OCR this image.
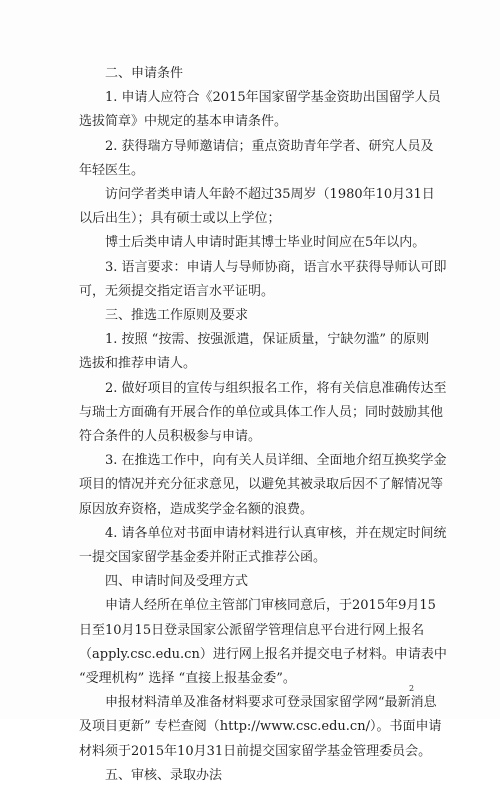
二、申请条件
1. 申请人应符合《2015年国家留学基金资助出国留学人员
选拔简章》中规定的基本申请条件。
2. 获得瑞方导师邀请信；重点资助青年学者、研究人员及
年轻医生。
访问学者类申请人年龄不超过35周岁（1980年10月31日
以后出生）；具有硕士或以上学位；
博士后类申请人申请时距其博士毕业时间应在5年以内。
3. 语言要求：申请人与导师协商，语言水平获得导师认可即
可，无须提交指定语言水平证明。
三、推选工作原则及要求
1. 按照 “按需、按强派遣，保证质量，宁缺勿滥” 的原则
选拔和推荐申请人。
2. 做好项目的宣传与组织报名工作，将有关信息准确传达至
与瑞士方面确有开展合作的单位或具体工作人员；同时鼓励其他
符合条件的人员积极参与申请。
3. 在推选工作中，向有关人员详细、全面地介绍互换奖学金
项目的情况并充分征求意见，以避免其被录取后因不了解情况等
原因放弃资格，造成奖学金名额的浪费。
4. 请各单位对书面申请材料进行认真审核，并在规定时间统
一提交国家留学基金委并附正式推荐公函。
四、申请时间及受理方式
申请人经所在单位主管部门审核同意后，于2015年9月15
日至10月15日登录国家公派留学管理信息平台进行网上报名
（apply.csc.edu.cn）进行网上报名并提交电子材料。申请表中
“受理机构” 选择 “直接上报基金委”。
申报材料清单及准备材料要求可登录国家留学网“最新消息
及项目更新” 专栏查阅（http://www.csc.edu.cn/）。书面申请
材料须于2015年10月31日前提交国家留学基金管理委员会。
五、审核、录取办法
2
